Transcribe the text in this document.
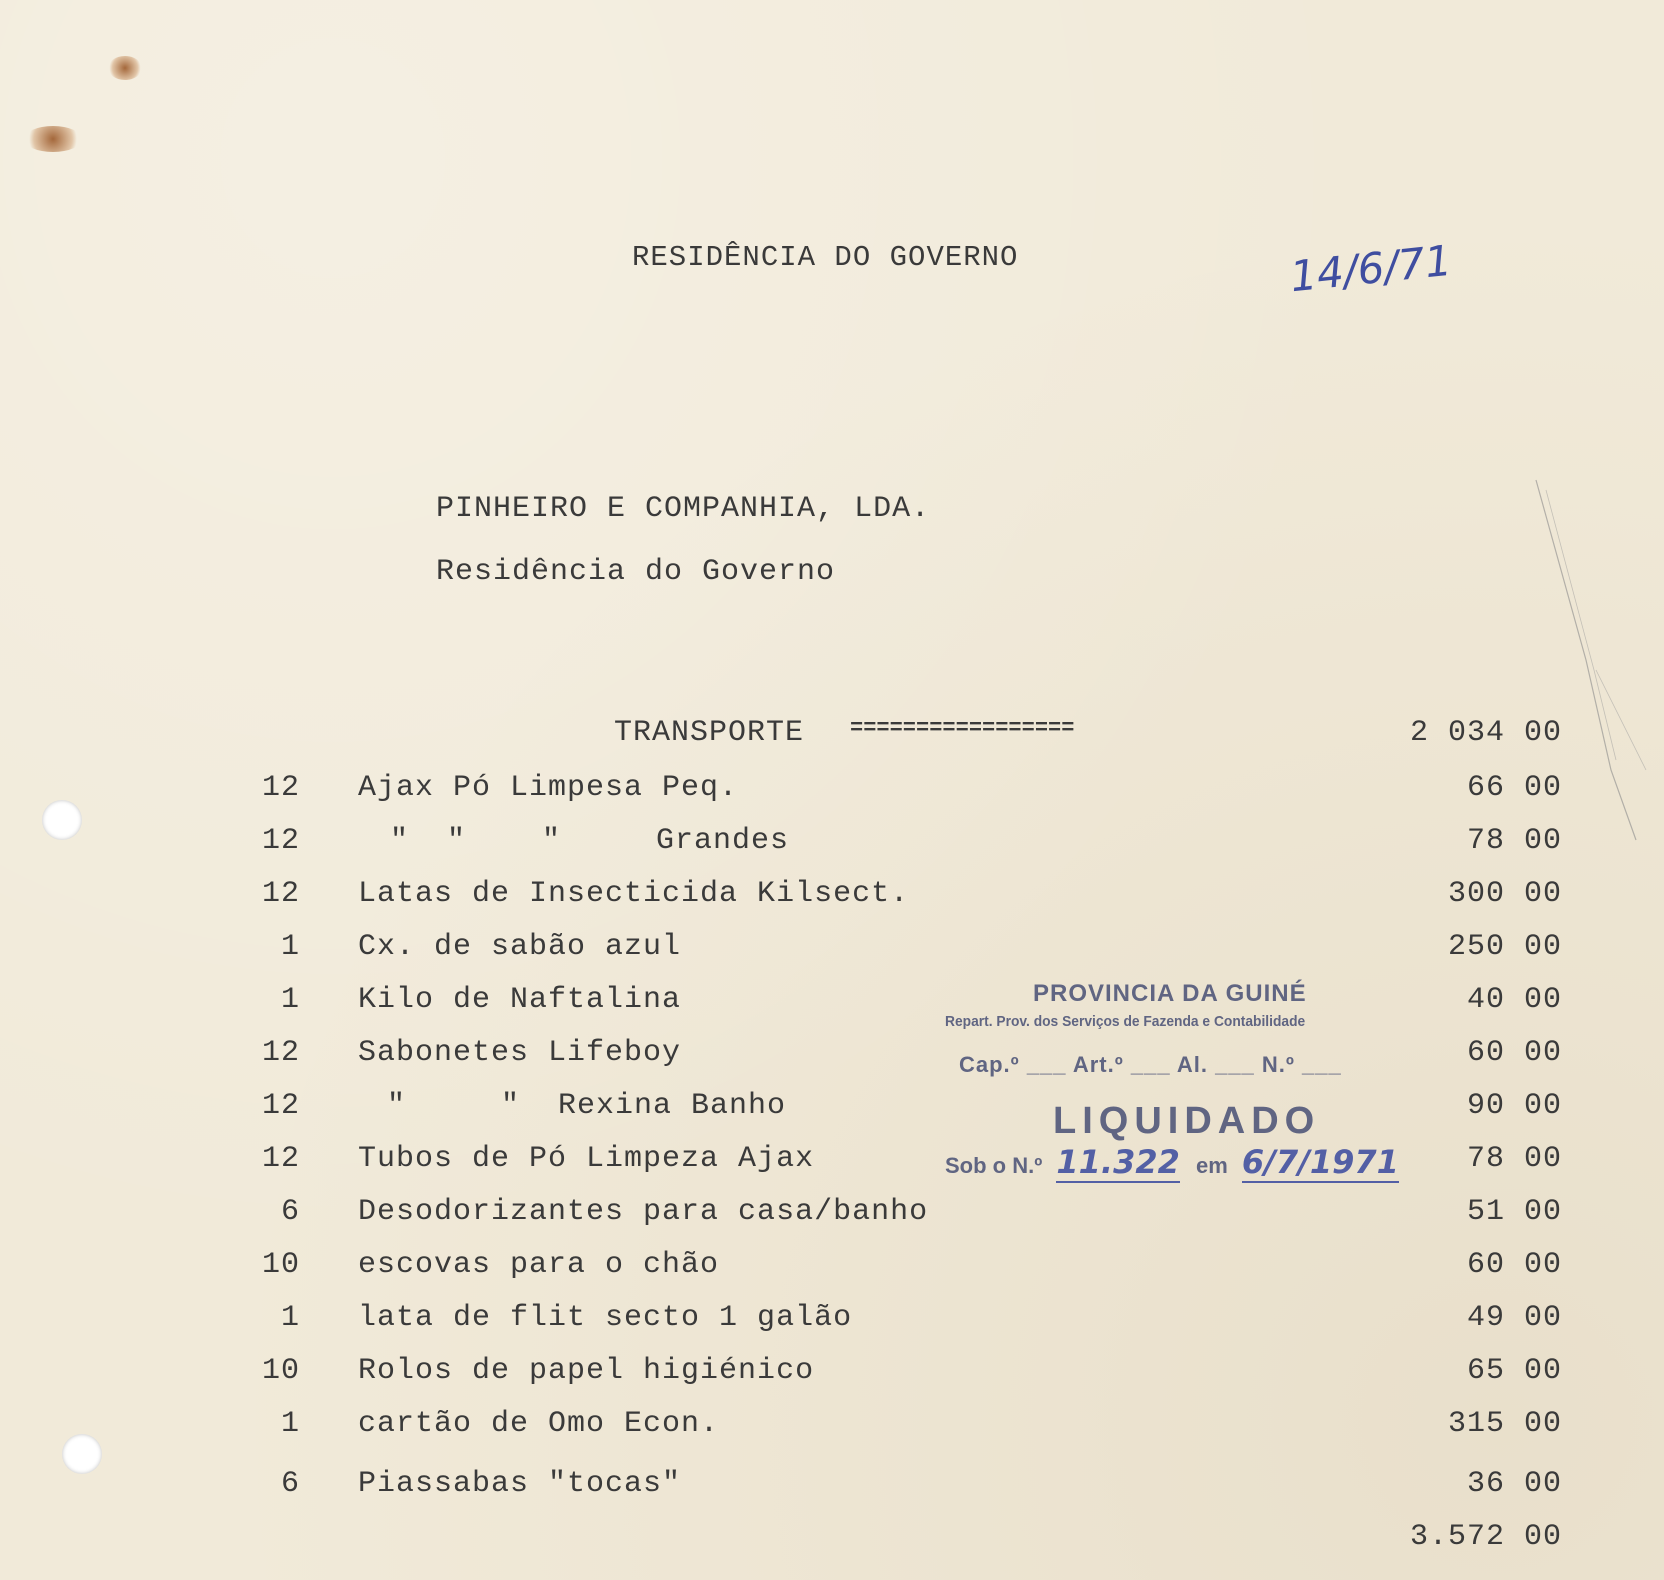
RESIDÊNCIA DO GOVERNO	14/6/71
PINHEIRO E COMPANHIA, LDA.
Residência do Governo
TRANSPORTE =================	2 034 00
12 Ajax Pó Limpesa Peq.	66 00
12	"  "    "     Grandes	78 00
12 Latas de Insecticida Kilsect.	300 00
1 Cx. de sabão azul	250 00
1 Kilo de Naftalina	40 00
12 Sabonetes Lifeboy	60 00
12 "     "  Rexina Banho	90 00
12 Tubos de Pó Limpeza Ajax	78 00
6 Desodorizantes para casa/banho	51 00
10 escovas para o chão	60 00
1 lata de flit secto 1 galão	49 00
10 Rolos de papel higiénico	65 00
1 cartão de Omo Econ.	315 00
6 Piassabas "tocas"	36 00
3.572 00
PROVINCIA DA GUINÉ
Repart. Prov. dos Serviços de Fazenda e Contabilidade
Cap.º ___ Art.º ___ Al. ___ N.º ___
LIQUIDADO
Sob o N.º 11.322 em 6/7/1971
